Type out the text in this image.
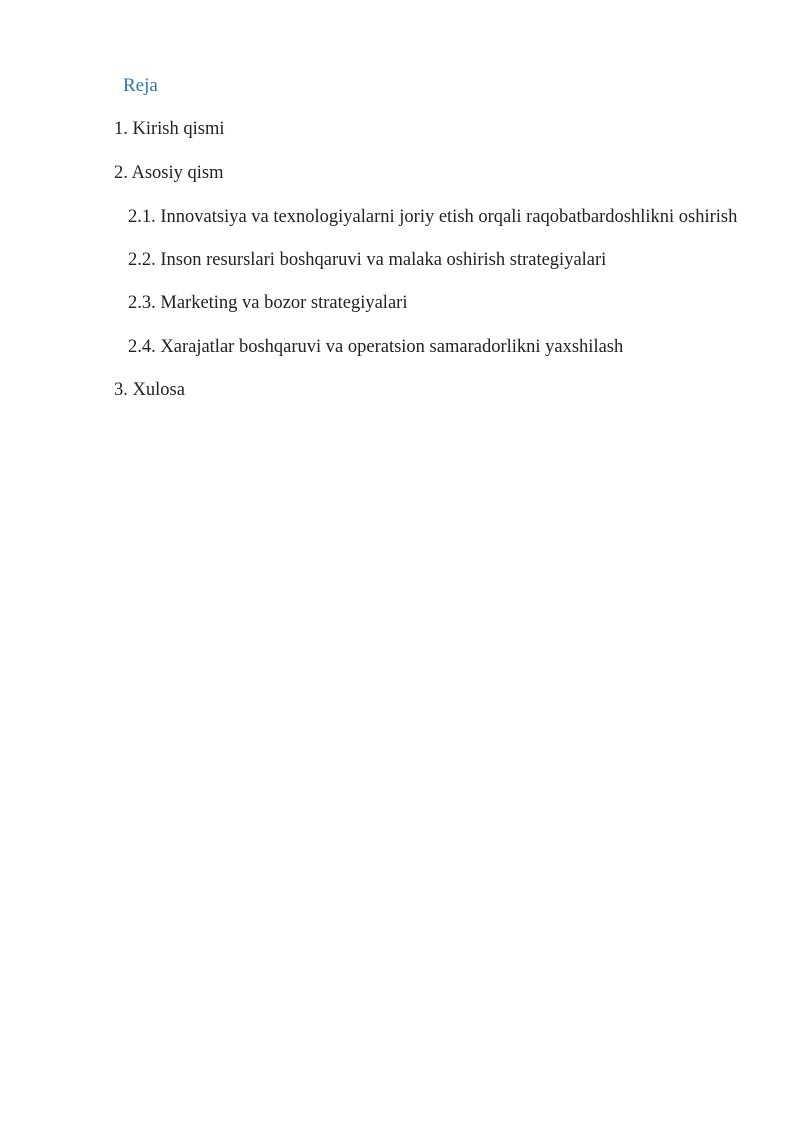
Reja
1. Kirish qismi
2. Asosiy qism
2.1. Innovatsiya va texnologiyalarni joriy etish orqali raqobatbardoshlikni oshirish
2.2. Inson resurslari boshqaruvi va malaka oshirish strategiyalari
2.3. Marketing va bozor strategiyalari
2.4. Xarajatlar boshqaruvi va operatsion samaradorlikni yaxshilash
3. Xulosa
